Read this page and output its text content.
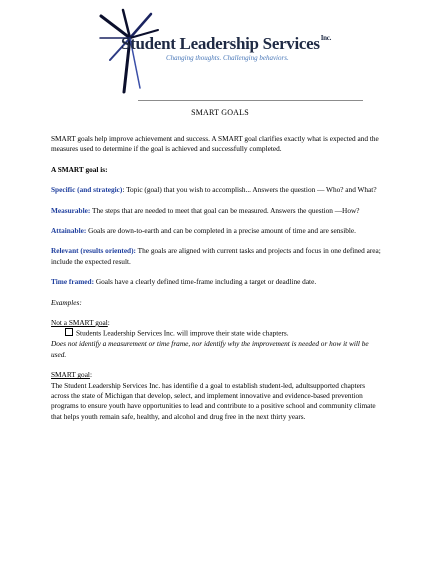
Student Leadership Services$^{Inc.}$
Changing thoughts. Challenging behaviors.
SMART GOALS

SMART goals help improve achievement and success. A SMART goal clarifies exactly what is expected and the measures used to determine if the goal is achieved and successfully completed.

A SMART goal is:

Specific (and strategic): Topic (goal) that you wish to accomplish... Answers the question — Who? and What?

Measurable: The steps that are needed to meet that goal can be measured. Answers the question —How?

Attainable: Goals are down-to-earth and can be completed in a precise amount of time and are sensible.

Relevant (results oriented): The goals are aligned with current tasks and projects and focus in one defined area; include the expected result.

Time framed: Goals have a clearly defined time-frame including a target or deadline date.

Examples:

Not a SMART goal:

Students Leadership Services Inc. will improve their state wide chapters.

Does not identify a measurement or time frame, nor identify why the improvement is needed or how it will be used.

SMART goal:

The Student Leadership Services Inc. has identifie d a goal to establish student-led, adultsupported chapters across the state of Michigan that develop, select, and implement innovative and evidence-based prevention programs to ensure youth have opportunities to lead and contribute to a positive school and community climate that helps youth remain safe, healthy, and alcohol and drug free in the next thirty years.
